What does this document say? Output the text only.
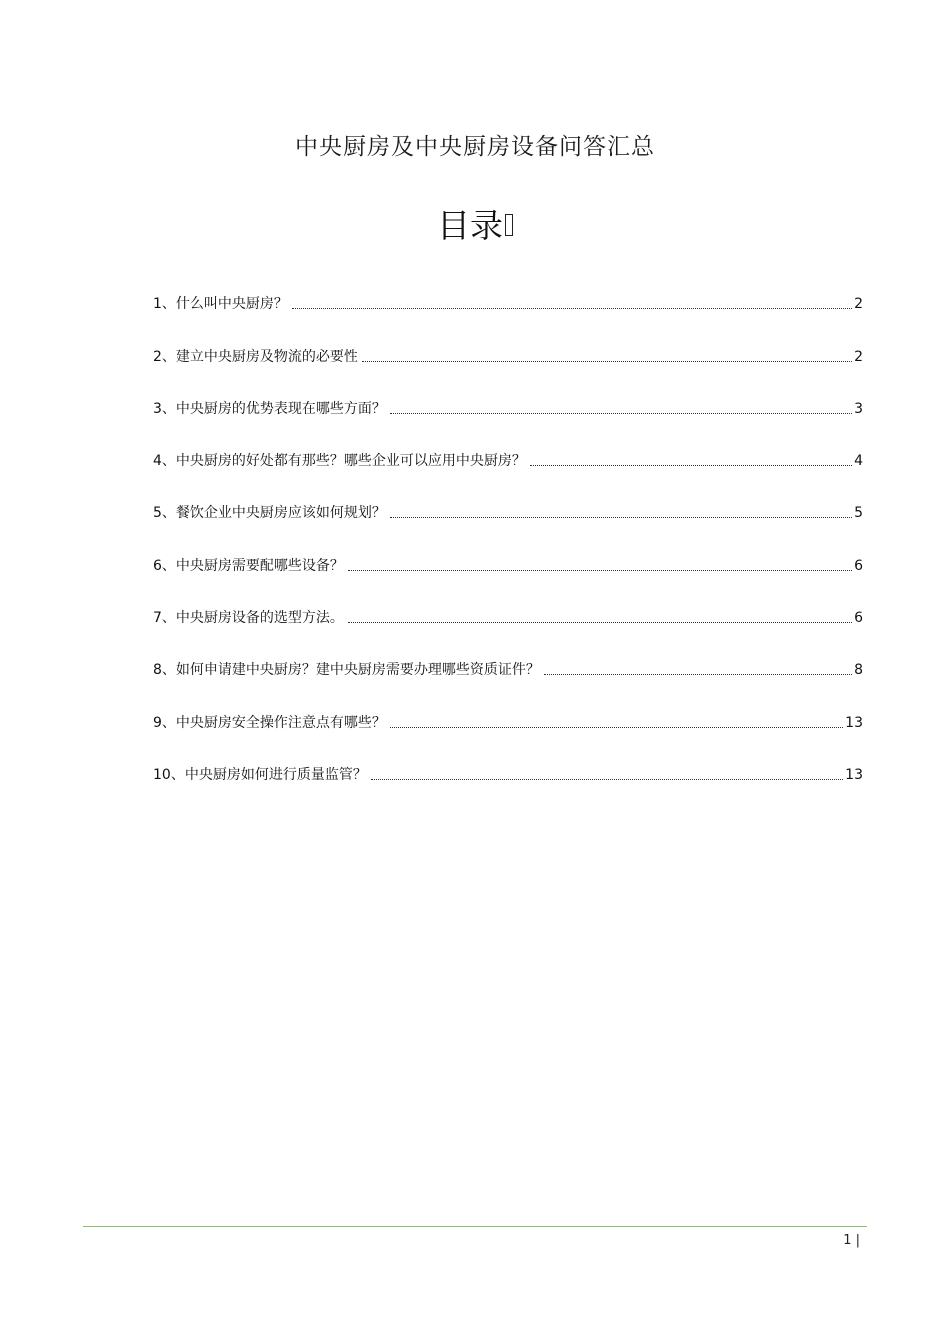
中央厨房及中央厨房设备问答汇总
目录
1、 什么叫中央厨房？	2
2、 建立中央厨房及物流的必要性	2
3、 中央厨房的优势表现在哪些方面？	3
4、 中央厨房的好处都有那些？哪些企业可以应用中央厨房？	4
5、 餐饮企业中央厨房应该如何规划？	5
6、 中央厨房需要配哪些设备？	6
7、 中央厨房设备的选型方法。	6
8、 如何申请建中央厨房？建中央厨房需要办理哪些资质证件？	8
9、 中央厨房安全操作注意点有哪些？	13
10、 中央厨房如何进行质量监管？	13
1 |
